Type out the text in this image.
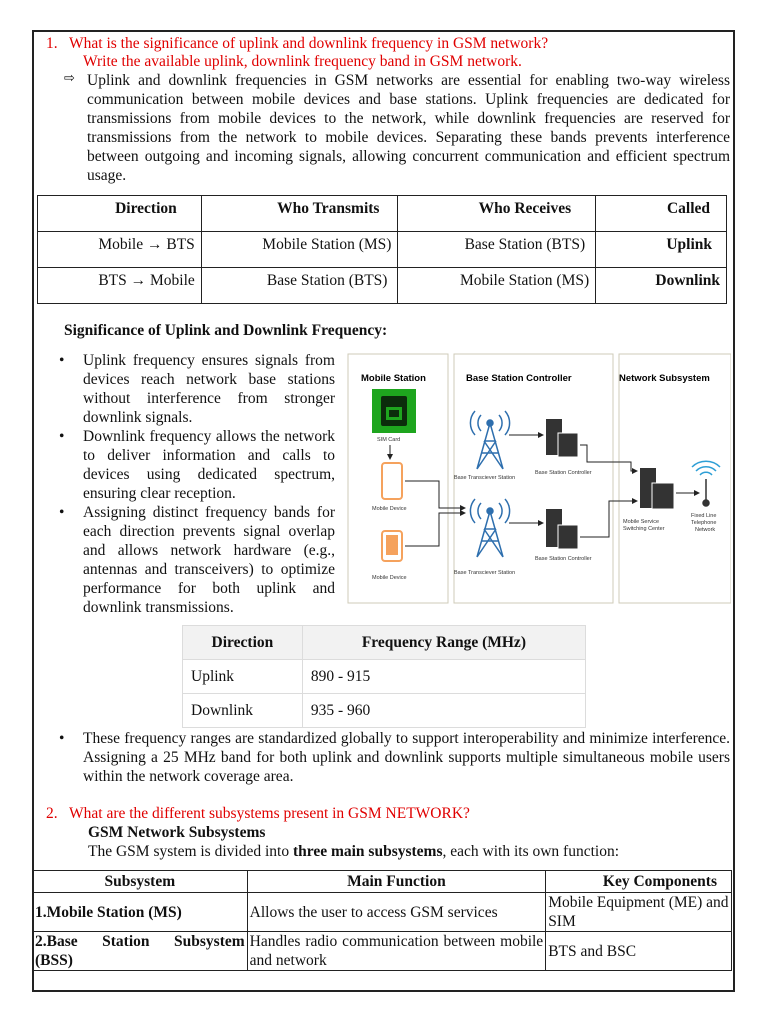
1. What is the significance of uplink and downlink frequency in GSM network?
Write the available uplink, downlink frequency band in GSM network.
⇨ Uplink and downlink frequencies in GSM networks are essential for enabling two-way wireless communication between mobile devices and base stations. Uplink frequencies are dedicated for transmissions from mobile devices to the network, while downlink frequencies are reserved for transmissions from the network to mobile devices. Separating these bands prevents interference between outgoing and incoming signals, allowing concurrent communication and efficient spectrum usage.
Direction	Who Transmits	Who Receives	Called
Mobile → BTS	Mobile Station (MS)	Base Station (BTS)	Uplink
BTS → Mobile	Base Station (BTS)	Mobile Station (MS)	Downlink
Significance of Uplink and Downlink Frequency:
• Uplink frequency ensures signals from devices reach network base stations without interference from stronger downlink signals.
• Downlink frequency allows the network to deliver information and calls to devices using dedicated spectrum, ensuring clear reception.
• Assigning distinct frequency bands for each direction prevents signal overlap and allows network hardware (e.g., antennas and transceivers) to optimize performance for both uplink and downlink transmissions.
Mobile Station	Base Station Controller	Network Subsystem
SIM Card
Mobile Device
Mobile Device
Base Transciever Station
Base Transciever Station
Base Station Controller
Base Station Controller
Mobile Service
Switching Center
Fixed Line
Telephone
Network
Direction	Frequency Range (MHz)
Uplink	890 - 915
Downlink	935 - 960
• These frequency ranges are standardized globally to support interoperability and minimize interference. Assigning a 25 MHz band for both uplink and downlink supports multiple simultaneous mobile users within the network coverage area.
2. What are the different subsystems present in GSM NETWORK?
GSM Network Subsystems
The GSM system is divided into three main subsystems, each with its own function:
Subsystem	Main Function	Key Components
1.Mobile Station (MS)	Allows the user to access GSM services	Mobile Equipment (ME) and SIM
2.Base Station Subsystem (BSS)	Handles radio communication between mobile and network	BTS and BSC
